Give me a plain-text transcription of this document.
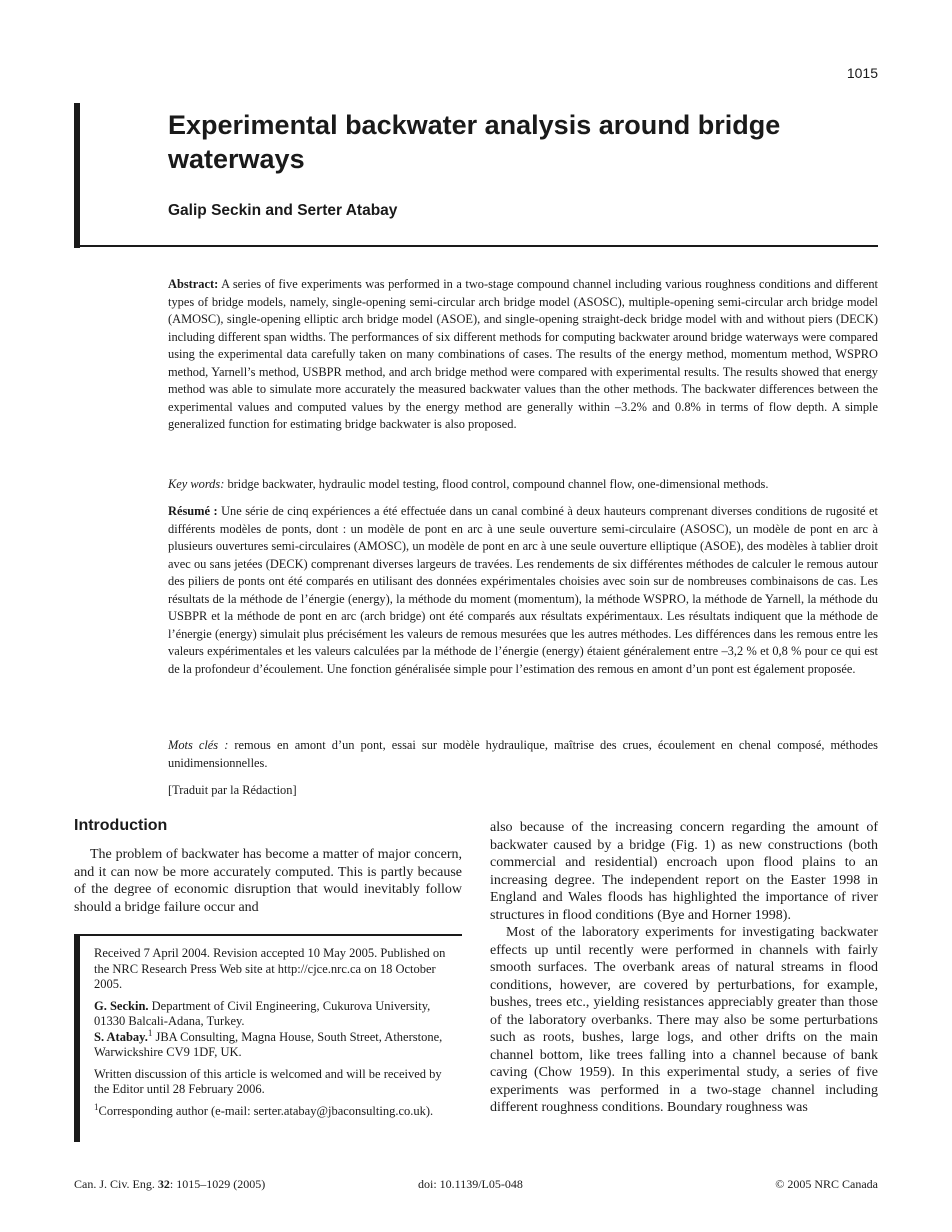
1015
Experimental backwater analysis around bridge waterways
Galip Seckin and Serter Atabay
Abstract: A series of five experiments was performed in a two-stage compound channel including various roughness conditions and different types of bridge models, namely, single-opening semi-circular arch bridge model (ASOSC), multiple-opening semi-circular arch bridge model (AMOSC), single-opening elliptic arch bridge model (ASOE), and single-opening straight-deck bridge model with and without piers (DECK) including different span widths. The performances of six different methods for computing backwater around bridge waterways were compared using the experimental data carefully taken on many combinations of cases. The results of the energy method, momentum method, WSPRO method, Yarnell’s method, USBPR method, and arch bridge method were compared with experimental results. The results showed that energy method was able to simulate more accurately the measured backwater values than the other methods. The backwater differences between the experimental values and computed values by the energy method are generally within –3.2% and 0.8% in terms of flow depth. A simple generalized function for estimating bridge backwater is also proposed.
Key words: bridge backwater, hydraulic model testing, flood control, compound channel flow, one-dimensional methods.
Résumé : Une série de cinq expériences a été effectuée dans un canal combiné à deux hauteurs comprenant diverses conditions de rugosité et différents modèles de ponts, dont : un modèle de pont en arc à une seule ouverture semi-circulaire (ASOSC), un modèle de pont en arc à plusieurs ouvertures semi-circulaires (AMOSC), un modèle de pont en arc à une seule ouverture elliptique (ASOE), des modèles à tablier droit avec ou sans jetées (DECK) comprenant diverses largeurs de travées. Les rendements de six différentes méthodes de calculer le remous autour des piliers de ponts ont été comparés en utilisant des données expérimentales choisies avec soin sur de nombreuses combinaisons de cas. Les résultats de la méthode de l’énergie (energy), la méthode du moment (momentum), la méthode WSPRO, la méthode de Yarnell, la méthode du USBPR et la méthode de pont en arc (arch bridge) ont été comparés aux résultats expérimentaux. Les résultats indiquent que la méthode de l’énergie (energy) simulait plus précisément les valeurs de remous mesurées que les autres méthodes. Les différences dans les remous entre les valeurs expérimentales et les valeurs calculées par la méthode de l’énergie (energy) étaient généralement entre –3,2 % et 0,8 % pour ce qui est de la profondeur d’écoulement. Une fonction généralisée simple pour l’estimation des remous en amont d’un pont est également proposée.
Mots clés : remous en amont d’un pont, essai sur modèle hydraulique, maîtrise des crues, écoulement en chenal composé, méthodes unidimensionnelles.
[Traduit par la Rédaction]
Introduction

The problem of backwater has become a matter of major concern, and it can now be more accurately computed. This is partly because of the degree of economic disruption that would inevitably follow should a bridge failure occur and

also because of the increasing concern regarding the amount of backwater caused by a bridge (Fig. 1) as new constructions (both commercial and residential) encroach upon flood plains to an increasing degree. The independent report on the Easter 1998 in England and Wales floods has highlighted the importance of river structures in flood conditions (Bye and Horner 1998).

Most of the laboratory experiments for investigating backwater effects up until recently were performed in channels with fairly smooth surfaces. The overbank areas of natural streams in flood conditions, however, are covered by perturbations, for example, bushes, trees etc., yielding resistances appreciably greater than those of the laboratory overbanks. There may also be some perturbations such as roots, bushes, large logs, and other drifts on the main channel bottom, like trees falling into a channel because of bank caving (Chow 1959). In this experimental study, a series of five experiments was performed in a two-stage channel including different roughness conditions. Boundary roughness was

Received 7 April 2004. Revision accepted 10 May 2005. Published on the NRC Research Press Web site at http://cjce.nrc.ca on 18 October 2005.

G. Seckin. Department of Civil Engineering, Cukurova University, 01330 Balcali-Adana, Turkey.

S. Atabay.$^1$ JBA Consulting, Magna House, South Street, Atherstone, Warwickshire CV9 1DF, UK.

Written discussion of this article is welcomed and will be received by the Editor until 28 February 2006.

$^1$Corresponding author (e-mail: serter.atabay@jbaconsulting.co.uk).

Can. J. Civ. Eng. 32: 1015–1029 (2005)	doi: 10.1139/L05-048	© 2005 NRC Canada
